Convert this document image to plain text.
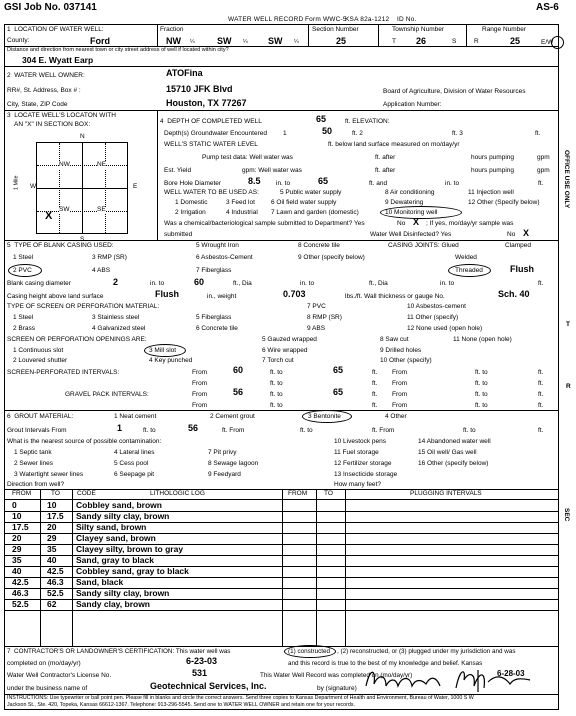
GSI Job No. 037141	AS-6
WATER WELL RECORD Form WWC-5
KSA 82a-1212 ID No.
1 LOCATION OF WATER WELL:
County:	Ford
Fraction
NW ¼ SW ¼ SW ¼
Section Number
25
Township Number
T 26	S
Range Number
R	25	E/W
Distance and direction from nearest town or city street address of well if located within city?
304 E. Wyatt Earp
2 WATER WELL OWNER:	ATOFina
RR#, St. Address, Box # :	15710 JFK Blvd
City, State, ZIP Code	Houston, TX 77267
Board of Agriculture, Division of Water Resources
Application Number:
3 LOCATE WELL'S LOCATON WITH
AN "X" IN SECTION BOX:
N
S
W	E
1 Mile
NW	NE
SW	SE
X
4 DEPTH OF COMPLETED WELL	65	ft. ELEVATION:
Depth(s) Groundwater Encountered 1	50	ft. 2	ft. 3	ft.
WELL'S STATIC WATER LEVEL	ft. below land surface measured on mo/day/yr
Pump test data: Well water was	ft. after	hours pumping	gpm
Est. Yield	gpm: Well water was	ft. after	hours pumping	gpm
Bore Hole Diameter	8.5 in. to	65	ft. and	in. to	ft.
WELL WATER TO BE USED AS:	5 Public water supply	8 Air conditioning	11 Injection well
1 Domestic	3 Feed lot 6 Oil field water supply	9 Dewatering	12 Other (Specify below)
2 Irrigation	4 Industrial 7 Lawn and garden (domestic)	10 Monitoring well
Was a chemical/bacteriological sample submitted to Department? Yes	No X ; If yes, mo/day/yr sample was
submitted	Water Well Disinfected? Yes	No X
5 TYPE OF BLANK CASING USED:	5 Wrought Iron	8 Concrete tile	CASING JOINTS: Glued	Clamped
1 Steel	3 RMP (SR)	6 Asbestos-Cement	9 Other (specify below)	Welded
2 PVC	4 ABS	7 Fiberglass	Threaded	Flush
Blank casing diameter	2	in. to	60	ft., Dia	in. to	ft., Dia	in. to	ft.
Casing height above land surface	Flush	in., weight	0.703	lbs./ft. Wall thickness or gauge No.	Sch. 40
TYPE OF SCREEN OR PERFORATION MATERIAL:	7 PVC	10 Asbestos-cement
1 Steel	3 Stainless steel	5 Fiberglass	8 RMP (SR)	11 Other (specify)
2 Brass	4 Galvanized steel	6 Concrete tile	9 ABS	12 None used (open hole)
SCREEN OR PERFORATION OPENINGS ARE:	5 Gauzed wrapped	8 Saw cut	11 None (open hole)
1 Continuous slot	3 Mill slot	6 Wire wrapped	9 Drilled holes
2 Louvered shutter	4 Key punched	7 Torch cut	10 Other (specify)
SCREEN-PERFORATED INTERVALS:	From	60	ft. to	65	ft. From	ft. to	ft.
From	ft. to	ft. From	ft. to	ft.
GRAVEL PACK INTERVALS:	From	56	ft. to	65	ft. From	ft. to	ft.
From	ft. to	ft. From	ft. to	ft.
6 GROUT MATERIAL:	1 Neat cement	2 Cement grout	3 Bentonite	4 Other
Grout Intervals From	1	ft. to	56	ft. From	ft. to	ft. From	ft. to	ft.
What is the nearest source of possible contamination:	10 Livestock pens	14 Abandoned water well
1 Septic tank	4 Lateral lines	7 Pit privy	11 Fuel storage	15 Oil well/ Gas well
2 Sewer lines	5 Cess pool	8 Sewage lagoon	12 Fertilizer storage	16 Other (specify below)
3 Watertight sewer lines	6 Seepage pit	9 Feedyard	13 Insecticide storage
Direction from well?	How many feet?
FROM	TO	CODE	LITHOLOGIC LOG	FROM	TO	PLUGGING INTERVALS
0	10 Cobbley sand, brown
10	17.5 Sandy silty clay, brown
17.5 20 Silty sand, brown
20	29 Clayey sand, brown
29	35 Clayey silty, brown to gray
35	40 Sand, gray to black
40	42.5 Cobbley sand, gray to black
42.5 46.3 Sand, black
46.3 52.5 Sandy silty clay, brown
52.5 62 Sandy clay, brown
7 CONTRACTOR'S OR LANDOWNER'S CERTIFICATION: This water well was	(1) constructed , (2) reconstructed, or (3) plugged under my jurisdiction and was
completed on (mo/day/yr)	6-23-03	and this record is true to the best of my knowledge and belief. Kansas
Water Well Contractor's License No.	531	This Water Well Record was completed on (mo/day/yr)	6-28-03
under the business name of	Geotechnical Services, Inc.	by (signature)
INSTRUCTIONS: Use typewriter or ball point pen. Please fill in blanks and circle the correct answers. Send three copies to Kansas Department of Health and Environment, Bureau of Water, 1000 S W
Jackson St., Ste. 420, Topeka, Kansas 66612-1367. Telephone: 913-296-5545. Send one to WATER WELL OWNER and retain one for your records.
OFFICE USE ONLY
T
R
SEC
